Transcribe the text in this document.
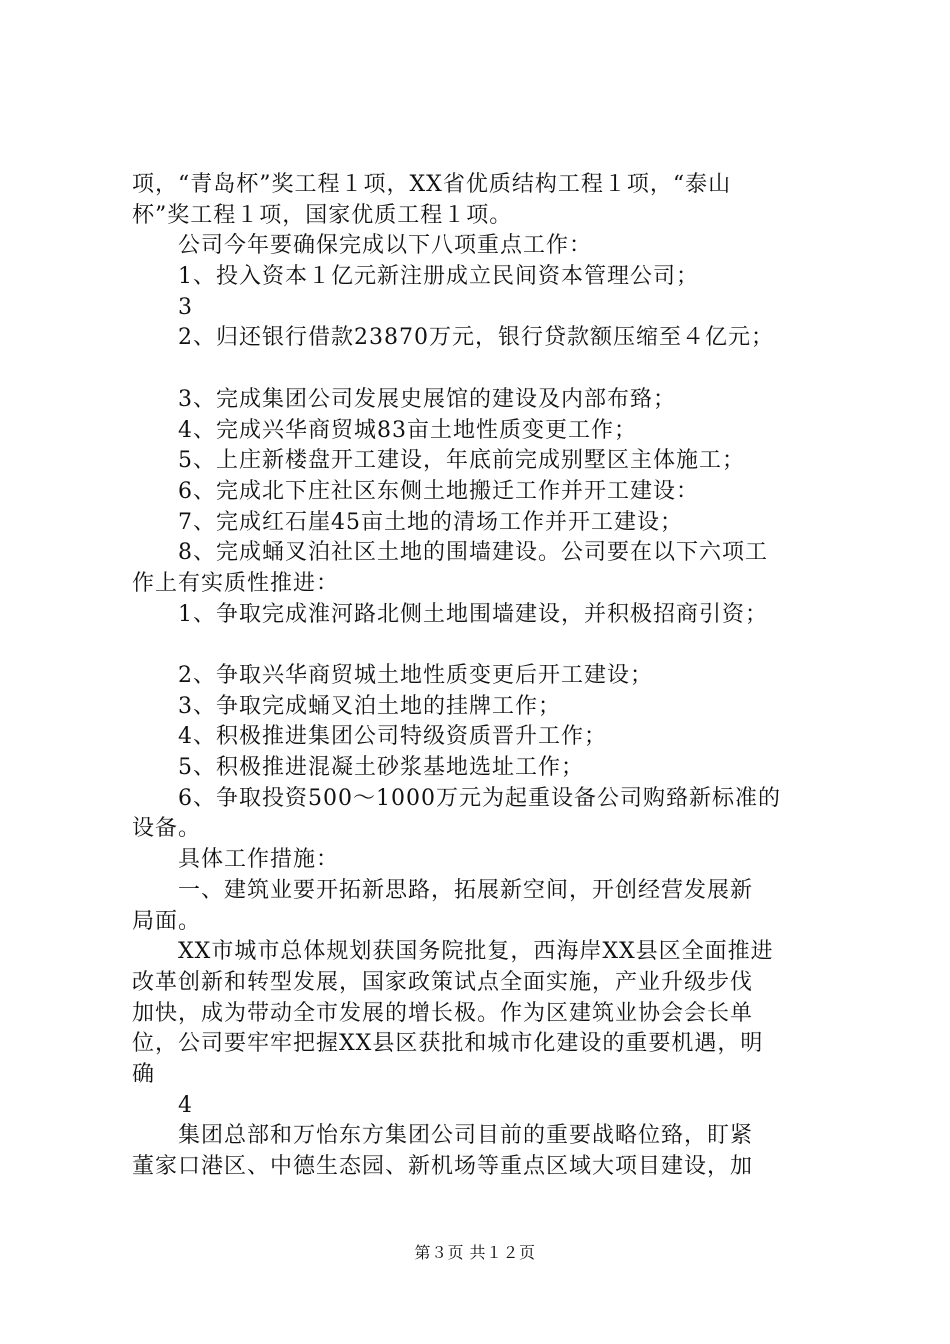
项，“青岛杯”奖工程１项，XX省优质结构工程１项，“泰山
杯”奖工程１项，国家优质工程１项。
公司今年要确保完成以下八项重点工作：
1、投入资本１亿元新注册成立民间资本管理公司；
3
2、归还银行借款23870万元，银行贷款额压缩至４亿元；
3、完成集团公司发展史展馆的建设及内部布臵；
4、完成兴华商贸城83亩土地性质变更工作；
5、上庄新楼盘开工建设，年底前完成别墅区主体施工；
6、完成北下庄社区东侧土地搬迁工作并开工建设：
7、完成红石崖45亩土地的清场工作并开工建设；
8、完成蛹叉泊社区土地的围墙建设。公司要在以下六项工
作上有实质性推进：
1、争取完成淮河路北侧土地围墙建设，并积极招商引资；
2、争取兴华商贸城土地性质变更后开工建设；
3、争取完成蛹叉泊土地的挂牌工作；
4、积极推进集团公司特级资质晋升工作；
5、积极推进混凝土砂浆基地选址工作；
6、争取投资500～1000万元为起重设备公司购臵新标准的
设备。
具体工作措施：
一、建筑业要开拓新思路，拓展新空间，开创经营发展新
局面。
XX市城市总体规划获国务院批复，西海岸XX县区全面推进
改革创新和转型发展，国家政策试点全面实施，产业升级步伐
加快，成为带动全市发展的增长极。作为区建筑业协会会长单
位，公司要牢牢把握XX县区获批和城市化建设的重要机遇，明
确
4
集团总部和万怡东方集团公司目前的重要战略位臵，盯紧
董家口港区、中德生态园、新机场等重点区域大项目建设，加
第３页 共１２页
